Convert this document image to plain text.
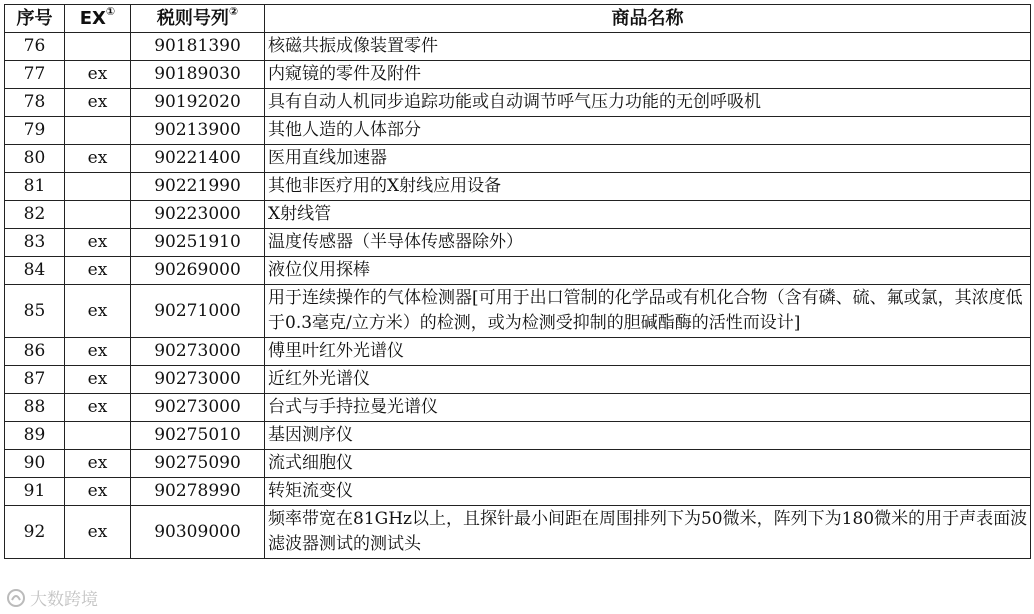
序号	EX①	税则号列②	商品名称
76		90181390	核磁共振成像装置零件
77	ex	90189030	内窥镜的零件及附件
78	ex	90192020	具有自动人机同步追踪功能或自动调节呼气压力功能的无创呼吸机
79		90213900	其他人造的人体部分
80	ex	90221400	医用直线加速器
81		90221990	其他非医疗用的X射线应用设备
82		90223000	X射线管
83	ex	90251910	温度传感器（半导体传感器除外）
84	ex	90269000	液位仪用探棒
85	ex	90271000	用于连续操作的气体检测器[可用于出口管制的化学品或有机化合物（含有磷、硫、氟或氯，其浓度低于0.3毫克/立方米）的检测，或为检测受抑制的胆碱酯酶的活性而设计]
86	ex	90273000	傅里叶红外光谱仪
87	ex	90273000	近红外光谱仪
88	ex	90273000	台式与手持拉曼光谱仪
89		90275010	基因测序仪
90	ex	90275090	流式细胞仪
91	ex	90278990	转矩流变仪
92	ex	90309000	频率带宽在81GHz以上，且探针最小间距在周围排列下为50微米，阵列下为180微米的用于声表面波滤波器测试的测试头
大数跨境
